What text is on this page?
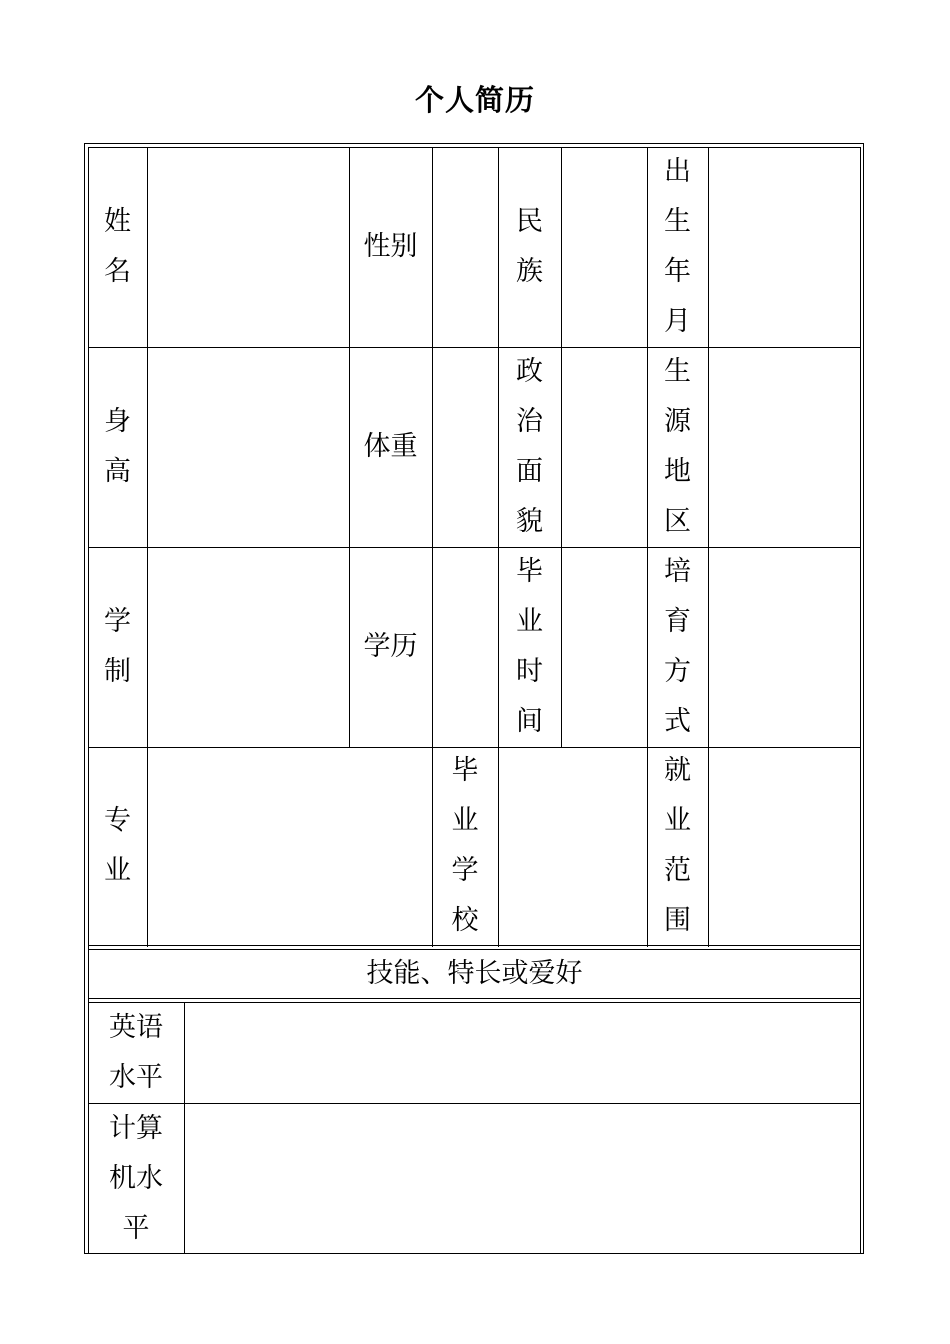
个人简历
姓名
性别
民族
出生年月
身高
体重
政治面貌
生源地区
学制
学历
毕业时间
培育方式
专业
毕业学校
就业范围
技能、特长或爱好
英语水平
计算机水平
